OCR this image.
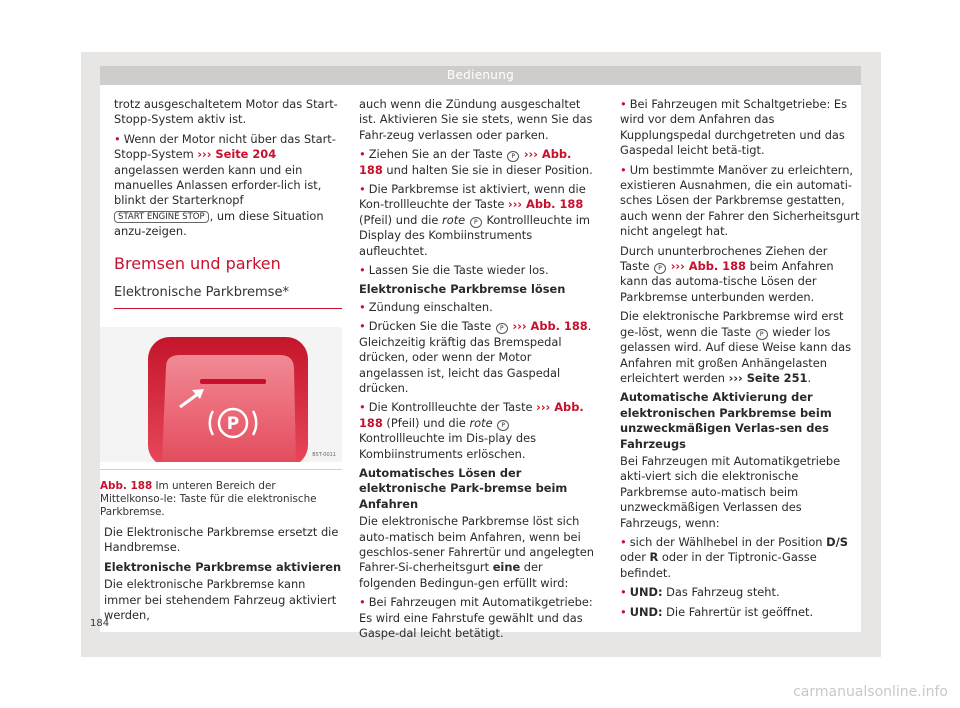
Bedienung

trotz ausgeschaltetem Motor das Start-Stopp-System aktiv ist.

• Wenn der Motor nicht über das Start-Stopp-System ››› Seite 204 angelassen werden kann und ein manuelles Anlassen erforder-lich ist, blinkt der Starterknopf START ENGINE STOP , um diese Situation anzu-zeigen.

Bremsen und parken

Elektronische Parkbremse*

P
B5T-0011
Abb. 188 Im unteren Bereich der Mittelkonso-le: Taste für die elektronische Parkbremse.

Die Elektronische Parkbremse ersetzt die Handbremse.

Elektronische Parkbremse aktivieren

Die elektronische Parkbremse kann immer bei stehendem Fahrzeug aktiviert werden,

auch wenn die Zündung ausgeschaltet ist. Aktivieren Sie sie stets, wenn Sie das Fahr-zeug verlassen oder parken.

• Ziehen Sie an der Taste P ››› Abb. 188 und halten Sie sie in dieser Position.

• Die Parkbremse ist aktiviert, wenn die Kon-trollleuchte der Taste ››› Abb. 188 (Pfeil) und die rote P Kontrollleuchte im Display des Kombiinstruments aufleuchtet.

• Lassen Sie die Taste wieder los.

Elektronische Parkbremse lösen

• Zündung einschalten.

• Drücken Sie die Taste P ››› Abb. 188. Gleichzeitig kräftig das Bremspedal drücken, oder wenn der Motor angelassen ist, leicht das Gaspedal drücken.

• Die Kontrollleuchte der Taste ››› Abb. 188 (Pfeil) und die rote P Kontrollleuchte im Dis-play des Kombiinstruments erlöschen.

Automatisches Lösen der elektronische Park-bremse beim Anfahren

Die elektronische Parkbremse löst sich auto-matisch beim Anfahren, wenn bei geschlos-sener Fahrertür und angelegten Fahrer-Si-cherheitsgurt eine der folgenden Bedingun-gen erfüllt wird:

• Bei Fahrzeugen mit Automatikgetriebe: Es wird eine Fahrstufe gewählt und das Gaspe-dal leicht betätigt.

• Bei Fahrzeugen mit Schaltgetriebe: Es wird vor dem Anfahren das Kupplungspedal durchgetreten und das Gaspedal leicht betä-tigt.

• Um bestimmte Manöver zu erleichtern, existieren Ausnahmen, die ein automati-sches Lösen der Parkbremse gestatten, auch wenn der Fahrer den Sicherheitsgurt nicht angelegt hat.

Durch ununterbrochenes Ziehen der Taste P ››› Abb. 188 beim Anfahren kann das automa-tische Lösen der Parkbremse unterbunden werden.

Die elektronische Parkbremse wird erst ge-löst, wenn die Taste P wieder los gelassen wird. Auf diese Weise kann das Anfahren mit großen Anhängelasten erleichtert werden ››› Seite 251.

Automatische Aktivierung der elektronischen Parkbremse beim unzweckmäßigen Verlas-sen des Fahrzeugs

Bei Fahrzeugen mit Automatikgetriebe akti-viert sich die elektronische Parkbremse auto-matisch beim unzweckmäßigen Verlassen des Fahrzeugs, wenn:

• sich der Wählhebel in der Position D/S oder R oder in der Tiptronic-Gasse befindet.

• UND: Das Fahrzeug steht.

• UND: Die Fahrertür ist geöffnet.

184
carmanualsonline.info
